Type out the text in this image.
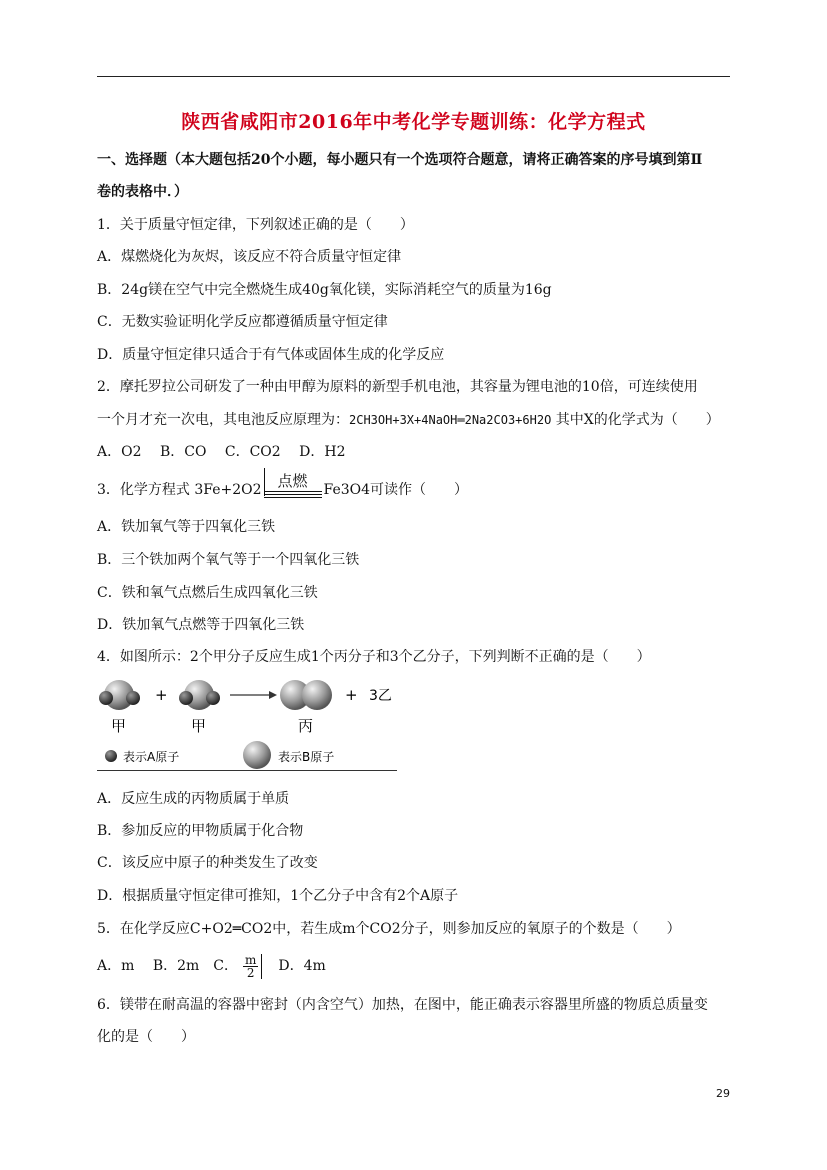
陕西省咸阳市2016年中考化学专题训练：化学方程式
一、选择题（本大题包括20个小题，每小题只有一个选项符合题意，请将正确答案的序号填到第Ⅱ
卷的表格中．）
1．关于质量守恒定律，下列叙述正确的是（　　）
A．煤燃烧化为灰烬，该反应不符合质量守恒定律
B．24g镁在空气中完全燃烧生成40g氧化镁，实际消耗空气的质量为16g
C．无数实验证明化学反应都遵循质量守恒定律
D．质量守恒定律只适合于有气体或固体生成的化学反应
2．摩托罗拉公司研发了一种由甲醇为原料的新型手机电池，其容量为锂电池的10倍，可连续使用
一个月才充一次电，其电池反应原理为：2CH3OH+3X+4NaOH═2Na2CO3+6H2O 其中X的化学式为（　　）
A．O2　 B．CO　 C．CO2　 D．H2
3．化学方程式 3Fe+2O2	点燃	Fe3O4可读作（　　）
A．铁加氧气等于四氧化三铁
B．三个铁加两个氧气等于一个四氧化三铁
C．铁和氧气点燃后生成四氧化三铁
D．铁加氧气点燃等于四氧化三铁
4．如图所示：2个甲分子反应生成1个丙分子和3个乙分子，下列判断不正确的是（　　）
+	+ 3乙
甲	甲	丙
表示A原子	表示B原子
A．反应生成的丙物质属于单质
B．参加反应的甲物质属于化合物
C．该反应中原子的种类发生了改变
D．根据质量守恒定律可推知，1个乙分子中含有2个A原子
5．在化学反应C+O2═CO2中，若生成m个CO2分子，则参加反应的氧原子的个数是（　　）
A．m　 B．2m　C． $\frac{m}{2}$ 　D．4m
6．镁带在耐高温的容器中密封（内含空气）加热，在图中，能正确表示容器里所盛的物质总质量变
化的是（　　）
29
